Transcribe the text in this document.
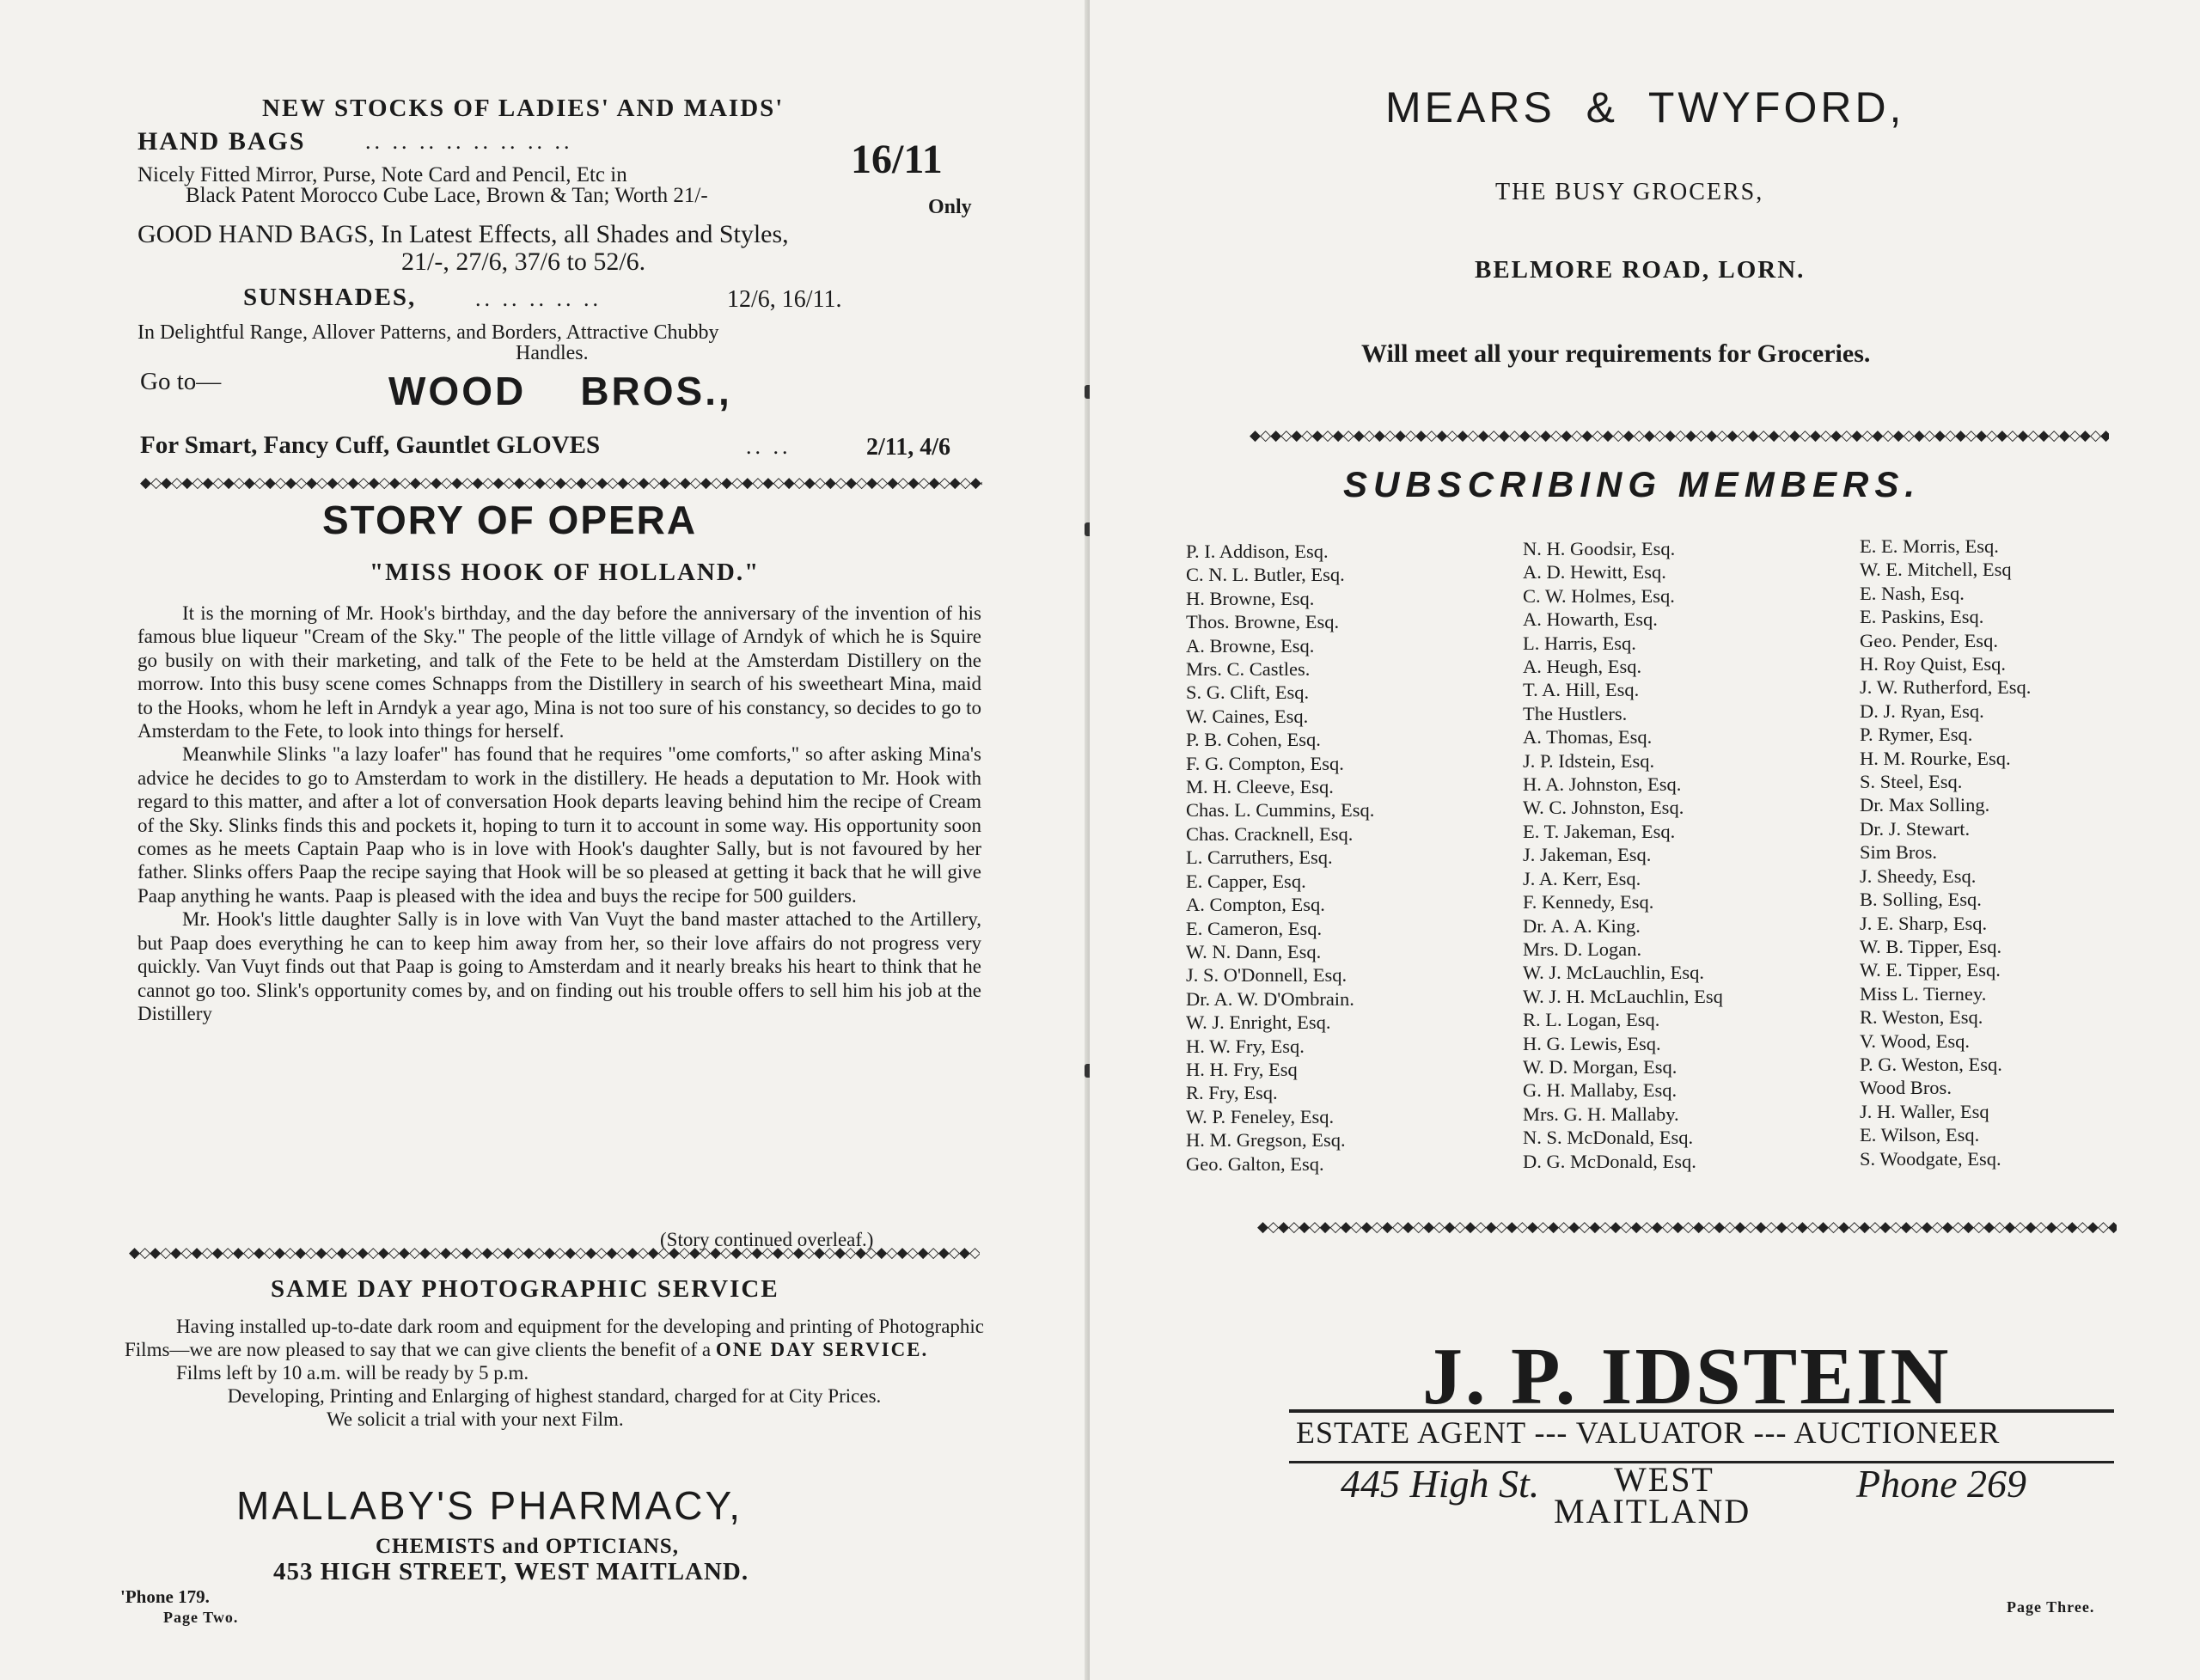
NEW STOCKS OF LADIES' AND MAIDS'
HAND BAGS	.. .. .. .. .. .. .. ..	16/11
Nicely Fitted Mirror, Purse, Note Card and Pencil, Etc in
Black Patent Morocco Cube Lace, Brown & Tan; Worth 21/-	Only
GOOD HAND BAGS, In Latest Effects, all Shades and Styles,
21/-, 27/6, 37/6 to 52/6.
SUNSHADES,	.. .. .. .. ..	12/6, 16/11.
In Delightful Range, Allover Patterns, and Borders, Attractive Chubby
Handles.
Go to—	WOOD    BROS.,
For Smart, Fancy Cuff, Gauntlet GLOVES	.. ..	2/11, 4/6
◆◇◆◇◆◇◆◇◆◇◆◇◆◇◆◇◆◇◆◇◆◇◆◇◆◇◆◇◆◇◆◇◆◇◆◇◆◇◆◇◆◇◆◇◆◇◆◇◆◇◆◇◆◇◆◇◆◇◆◇◆◇◆◇◆◇◆◇◆◇◆◇◆◇◆◇◆◇◆◇◆◇◆◇◆◇◆◇◆◇◆◇◆◇◆◇◆◇◆◇◆◇◆◇◆◇◆◇◆◇◆◇◆◇◆◇◆◇◆◇
STORY OF OPERA
"MISS HOOK OF HOLLAND."

It is the morning of Mr. Hook's birthday, and the day before the anniversary of the invention of his famous blue liqueur "Cream of the Sky." The people of the little village of Arndyk of which he is Squire go busily on with their marketing, and talk of the Fete to be held at the Amsterdam Distillery on the morrow. Into this busy scene comes Schnapps from the Distillery in search of his sweetheart Mina, maid to the Hooks, whom he left in Arndyk a year ago, Mina is not too sure of his constancy, so decides to go to Amsterdam to the Fete, to look into things for herself.

Meanwhile Slinks "a lazy loafer" has found that he requires "ome comforts," so after asking Mina's advice he decides to go to Amsterdam to work in the distillery. He heads a deputation to Mr. Hook with regard to this matter, and after a lot of conversation Hook departs leaving behind him the recipe of Cream of the Sky. Slinks finds this and pockets it, hoping to turn it to account in some way. His opportunity soon comes as he meets Captain Paap who is in love with Hook's daughter Sally, but is not favoured by her father. Slinks offers Paap the recipe saying that Hook will be so pleased at getting it back that he will give Paap anything he wants. Paap is pleased with the idea and buys the recipe for 500 guilders.

Mr. Hook's little daughter Sally is in love with Van Vuyt the band master attached to the Artillery, but Paap does everything he can to keep him away from her, so their love affairs do not progress very quickly. Van Vuyt finds out that Paap is going to Amsterdam and it nearly breaks his heart to think that he cannot go too. Slink's opportunity comes by, and on finding out his trouble offers to sell him his job at the Distillery

(Story continued overleaf.)
◆◇◆◇◆◇◆◇◆◇◆◇◆◇◆◇◆◇◆◇◆◇◆◇◆◇◆◇◆◇◆◇◆◇◆◇◆◇◆◇◆◇◆◇◆◇◆◇◆◇◆◇◆◇◆◇◆◇◆◇◆◇◆◇◆◇◆◇◆◇◆◇◆◇◆◇◆◇◆◇◆◇◆◇◆◇◆◇◆◇◆◇◆◇◆◇◆◇◆◇◆◇◆◇◆◇◆◇◆◇◆◇◆◇◆◇◆◇◆◇
SAME DAY PHOTOGRAPHIC SERVICE

Having installed up-to-date dark room and equipment for the developing and printing of Photographic Films—we are now pleased to say that we can give clients the benefit of a ONE DAY SERVICE.

Films left by 10 a.m. will be ready by 5 p.m.

Developing, Printing and Enlarging of highest standard, charged for at City Prices.

We solicit a trial with your next Film.

MALLABY'S PHARMACY,
CHEMISTS and OPTICIANS,
453 HIGH STREET, WEST MAITLAND.
'Phone 179.
Page Two.
MEARS  &  TWYFORD,
THE BUSY GROCERS,
BELMORE ROAD, LORN.
Will meet all your requirements for Groceries.
◆◇◆◇◆◇◆◇◆◇◆◇◆◇◆◇◆◇◆◇◆◇◆◇◆◇◆◇◆◇◆◇◆◇◆◇◆◇◆◇◆◇◆◇◆◇◆◇◆◇◆◇◆◇◆◇◆◇◆◇◆◇◆◇◆◇◆◇◆◇◆◇◆◇◆◇◆◇◆◇◆◇◆◇◆◇◆◇◆◇◆◇◆◇◆◇◆◇◆◇◆◇◆◇◆◇◆◇◆◇◆◇◆◇◆◇◆◇◆◇
SUBSCRIBING MEMBERS.
P. I. Addison, Esq.
C. N. L. Butler, Esq.
H. Browne, Esq.
Thos. Browne, Esq.
A. Browne, Esq.
Mrs. C. Castles.
S. G. Clift, Esq.
W. Caines, Esq.
P. B. Cohen, Esq.
F. G. Compton, Esq.
M. H. Cleeve, Esq.
Chas. L. Cummins, Esq.
Chas. Cracknell, Esq.
L. Carruthers, Esq.
E. Capper, Esq.
A. Compton, Esq.
E. Cameron, Esq.
W. N. Dann, Esq.
J. S. O'Donnell, Esq.
Dr. A. W. D'Ombrain.
W. J. Enright, Esq.
H. W. Fry, Esq.
H. H. Fry, Esq
R. Fry, Esq.
W. P. Feneley, Esq.
H. M. Gregson, Esq.
Geo. Galton, Esq.
N. H. Goodsir, Esq.
A. D. Hewitt, Esq.
C. W. Holmes, Esq.
A. Howarth, Esq.
L. Harris, Esq.
A. Heugh, Esq.
T. A. Hill, Esq.
The Hustlers.
A. Thomas, Esq.
J. P. Idstein, Esq.
H. A. Johnston, Esq.
W. C. Johnston, Esq.
E. T. Jakeman, Esq.
J. Jakeman, Esq.
J. A. Kerr, Esq.
F. Kennedy, Esq.
Dr. A. A. King.
Mrs. D. Logan.
W. J. McLauchlin, Esq.
W. J. H. McLauchlin, Esq
R. L. Logan, Esq.
H. G. Lewis, Esq.
W. D. Morgan, Esq.
G. H. Mallaby, Esq.
Mrs. G. H. Mallaby.
N. S. McDonald, Esq.
D. G. McDonald, Esq.
E. E. Morris, Esq.
W. E. Mitchell, Esq
E. Nash, Esq.
E. Paskins, Esq.
Geo. Pender, Esq.
H. Roy Quist, Esq.
J. W. Rutherford, Esq.
D. J. Ryan, Esq.
P. Rymer, Esq.
H. M. Rourke, Esq.
S. Steel, Esq.
Dr. Max Solling.
Dr. J. Stewart.
Sim Bros.
J. Sheedy, Esq.
B. Solling, Esq.
J. E. Sharp, Esq.
W. B. Tipper, Esq.
W. E. Tipper, Esq.
Miss L. Tierney.
R. Weston, Esq.
V. Wood, Esq.
P. G. Weston, Esq.
Wood Bros.
J. H. Waller, Esq
E. Wilson, Esq.
S. Woodgate, Esq.
◆◇◆◇◆◇◆◇◆◇◆◇◆◇◆◇◆◇◆◇◆◇◆◇◆◇◆◇◆◇◆◇◆◇◆◇◆◇◆◇◆◇◆◇◆◇◆◇◆◇◆◇◆◇◆◇◆◇◆◇◆◇◆◇◆◇◆◇◆◇◆◇◆◇◆◇◆◇◆◇◆◇◆◇◆◇◆◇◆◇◆◇◆◇◆◇◆◇◆◇◆◇◆◇◆◇◆◇◆◇◆◇◆◇◆◇◆◇◆◇
J. P. IDSTEIN
ESTATE AGENT --- VALUATOR --- AUCTIONEER
445 High St. WEST
MAITLAND
Phone 269
Page Three.
